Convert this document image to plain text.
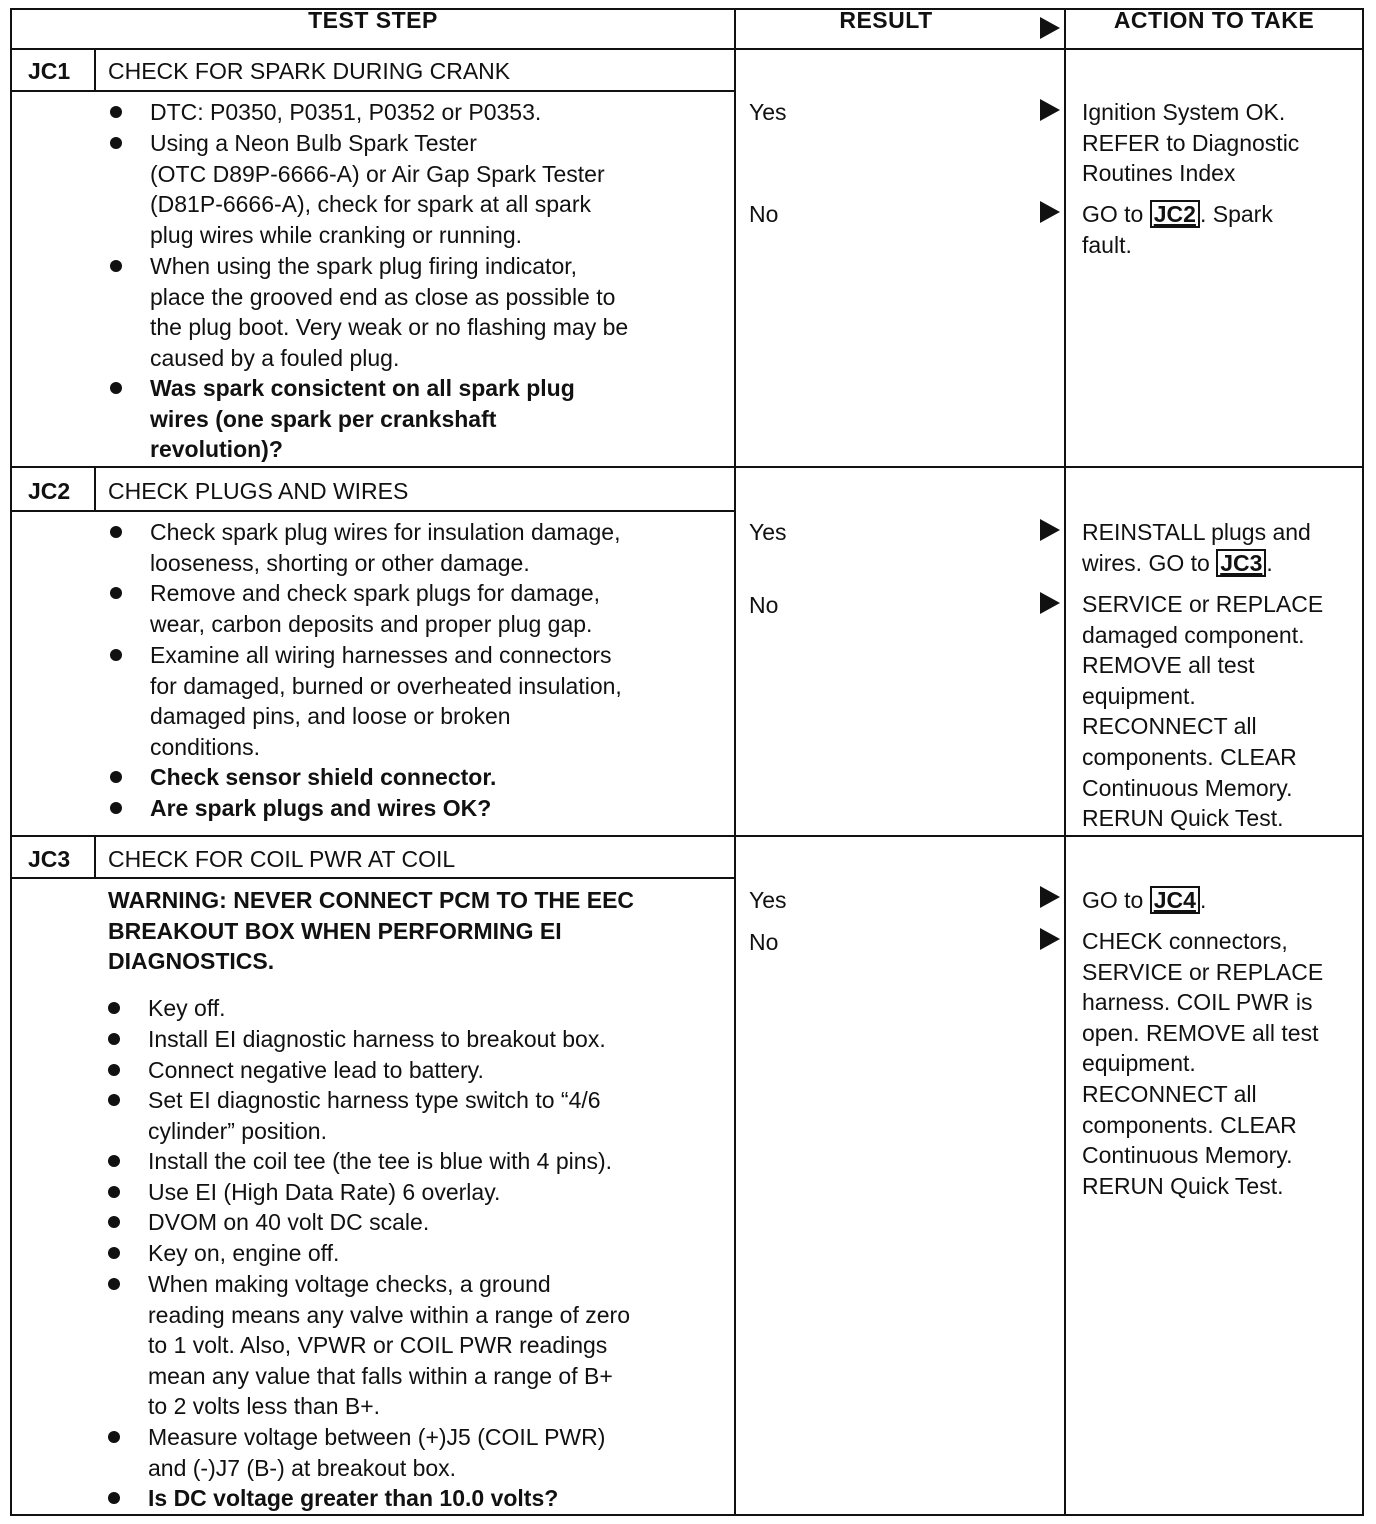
TEST STEP	RESULT	ACTION TO TAKE
JC1 CHECK FOR SPARK DURING CRANK
DTC: P0350, P0351, P0352 or P0353.
Using a Neon Bulb Spark Tester
(OTC D89P-6666-A) or Air Gap Spark Tester
(D81P-6666-A), check for spark at all spark
plug wires while cranking or running.
When using the spark plug firing indicator,
place the grooved end as close as possible to
the plug boot. Very weak or no flashing may be
caused by a fouled plug.
Was spark consictent on all spark plug
wires (one spark per crankshaft
revolution)?
Yes
No
Ignition System OK.
REFER to Diagnostic
Routines Index
GO to JC2 . Spark
fault.
JC2 CHECK PLUGS AND WIRES
Check spark plug wires for insulation damage,
looseness, shorting or other damage.
Remove and check spark plugs for damage,
wear, carbon deposits and proper plug gap.
Examine all wiring harnesses and connectors
for damaged, burned or overheated insulation,
damaged pins, and loose or broken
conditions.
Check sensor shield connector.
Are spark plugs and wires OK?
Yes
No
REINSTALL plugs and
wires. GO to JC3 .
SERVICE or REPLACE
damaged component.
REMOVE all test
equipment.
RECONNECT all
components. CLEAR
Continuous Memory.
RERUN Quick Test.
JC3 CHECK FOR COIL PWR AT COIL
WARNING: NEVER CONNECT PCM TO THE EEC
BREAKOUT BOX WHEN PERFORMING EI
DIAGNOSTICS.
Key off.
Install EI diagnostic harness to breakout box.
Connect negative lead to battery.
Set EI diagnostic harness type switch to “4/6
cylinder” position.
Install the coil tee (the tee is blue with 4 pins).
Use EI (High Data Rate) 6 overlay.
DVOM on 40 volt DC scale.
Key on, engine off.
When making voltage checks, a ground
reading means any valve within a range of zero
to 1 volt. Also, VPWR or COIL PWR readings
mean any value that falls within a range of B+
to 2 volts less than B+.
Measure voltage between (+)J5 (COIL PWR)
and (-)J7 (B-) at breakout box.
Is DC voltage greater than 10.0 volts?
Yes
No
GO to JC4 .
CHECK connectors,
SERVICE or REPLACE
harness. COIL PWR is
open. REMOVE all test
equipment.
RECONNECT all
components. CLEAR
Continuous Memory.
RERUN Quick Test.
